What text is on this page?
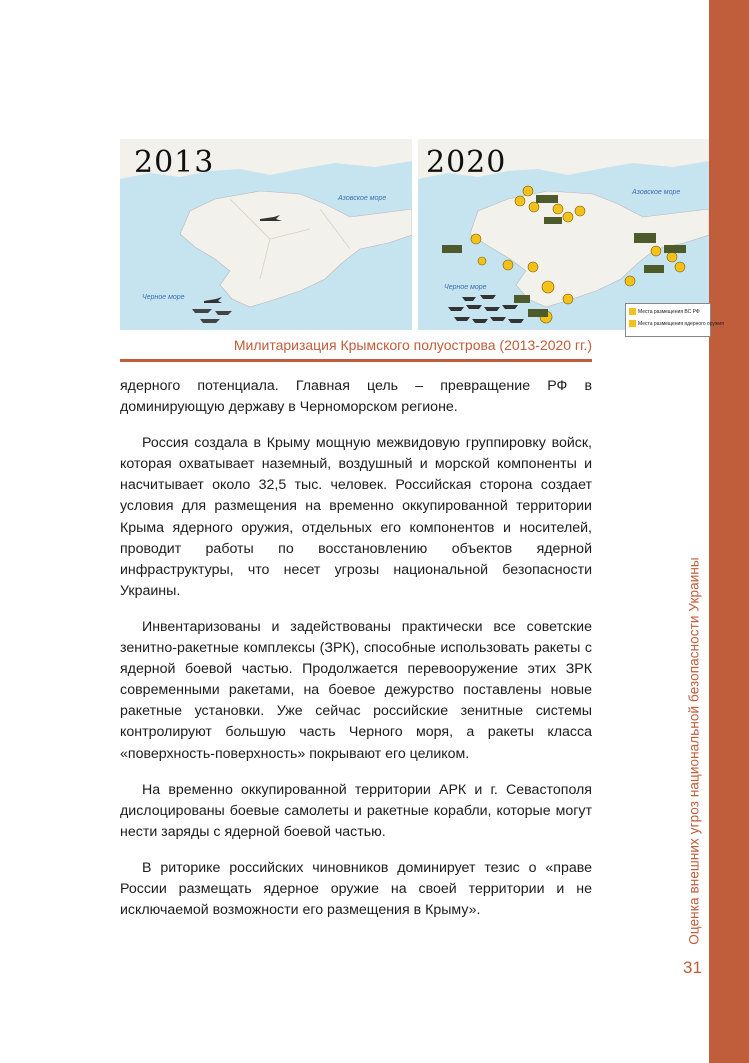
2013
Азовское море
Черное море
2020
Азовское море
Черное море
Места размещения ВС РФ
Места размещения ядерного оружия
Милитаризация Крымского полуострова (2013-2020 гг.)

ядерного потенциала. Главная цель – превращение РФ в доминирующую державу в Черноморском регионе.

Россия создала в Крыму мощную межвидовую группировку войск, которая охватывает наземный, воздушный и морской компоненты и насчитывает около 32,5 тыс. человек. Российская сторона создает условия для размещения на временно оккупированной территории Крыма ядерного оружия, отдельных его компонентов и носителей, проводит работы по восстановлению объектов ядерной инфраструктуры, что несет угрозы национальной безопасности Украины.

Инвентаризованы и задействованы практически все советские зенитно-ракетные комплексы (ЗРК), способные использовать ракеты с ядерной боевой частью. Продолжается перевооружение этих ЗРК современными ракетами, на боевое дежурство поставлены новые ракетные установки. Уже сейчас российские зенитные системы контролируют большую часть Черного моря, а ракеты класса «поверхность-поверхность» покрывают его целиком.

На временно оккупированной территории АРК и г. Севастополя дислоцированы боевые самолеты и ракетные корабли, которые могут нести заряды с ядерной боевой частью.

В риторике российских чиновников доминирует тезис о «праве России размещать ядерное оружие на своей территории и не исключаемой возможности его размещения в Крыму».	Оценка внешних угроз национальной безопасности Украины
31
